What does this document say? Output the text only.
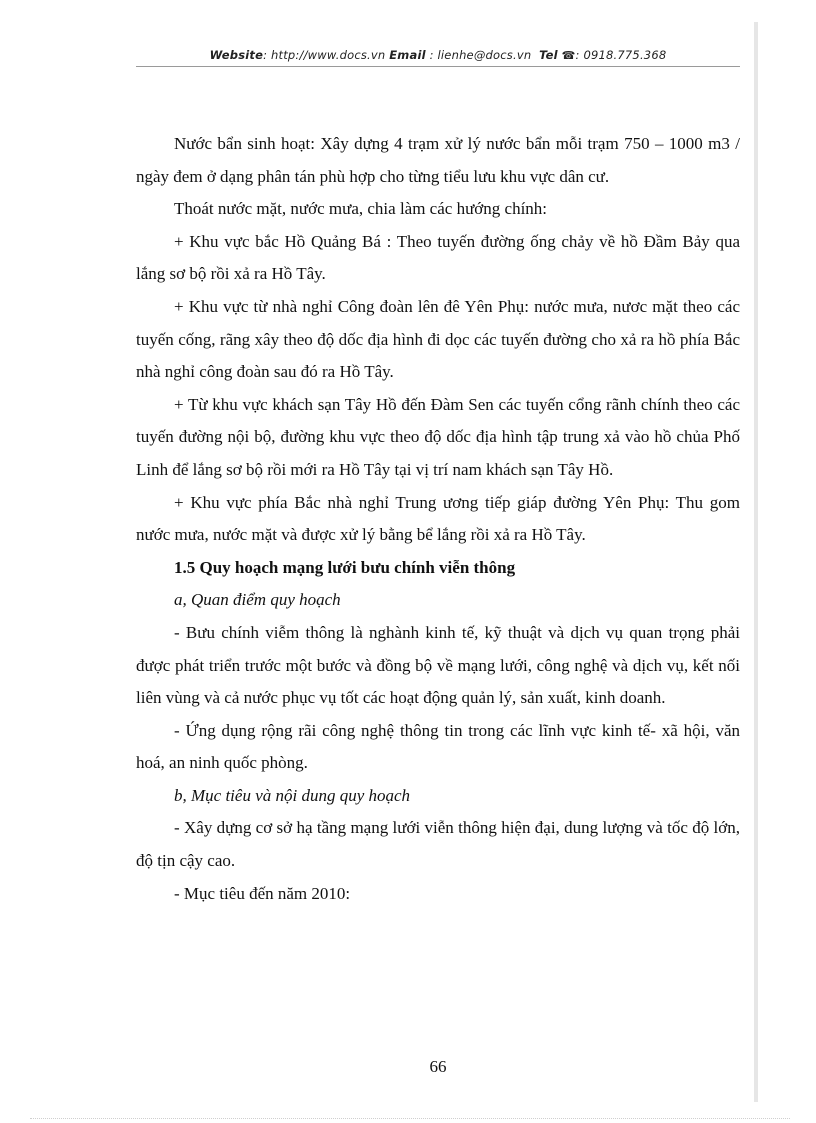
Website: http://www.docs.vn Email : lienhe@docs.vn Tel ☎: 0918.775.368

Nước bẩn sinh hoạt: Xây dựng 4 trạm xử lý nước bẩn mỗi trạm 750 – 1000 m3 / ngày đem ở dạng phân tán phù hợp cho từng tiểu lưu khu vực dân cư.

Thoát nước mặt, nước mưa, chia làm các hướng chính:

+ Khu vực bắc Hồ Quảng Bá : Theo tuyến đường ống chảy về hồ Đầm Bảy qua lắng sơ bộ rồi xả ra Hồ Tây.

+ Khu vực từ nhà nghỉ Công đoàn lên đê Yên Phụ: nước mưa, nươc mặt theo các tuyến cống, rãng xây theo độ dốc địa hình đi dọc các tuyến đường cho xả ra hồ phía Bắc nhà nghỉ công đoàn sau đó ra Hồ Tây.

+ Từ khu vực khách sạn Tây Hồ đến Đàm Sen các tuyến cổng rãnh chính theo các tuyến đường nội bộ, đường khu vực theo độ dốc địa hình tập trung xả vào hồ chủa Phố Linh để lắng sơ bộ rồi mới ra Hồ Tây tại vị trí nam khách sạn Tây Hồ.

+ Khu vực phía Bắc nhà nghỉ Trung ương tiếp giáp đường Yên Phụ: Thu gom nước mưa, nước mặt và được xử lý bằng bể lắng rồi xả ra Hồ Tây.

1.5 Quy hoạch mạng lưới bưu chính viễn thông

a, Quan điểm quy hoạch

- Bưu chính viễm thông là nghành kinh tế, kỹ thuật và dịch vụ quan trọng phải được phát triển trước một bước và đồng bộ về mạng lưới, công nghệ và dịch vụ, kết nối liên vùng và cả nước phục vụ tốt các hoạt động quản lý, sản xuất, kinh doanh.

- Ứng dụng rộng rãi công nghệ thông tin trong các lĩnh vực kinh tế- xã hội, văn hoá, an ninh quốc phòng.

b, Mục tiêu và nội dung quy hoạch

- Xây dựng cơ sở hạ tầng mạng lưới viễn thông hiện đại, dung lượng và tốc độ lớn, độ tịn cậy cao.

- Mục tiêu đến năm 2010:

66
